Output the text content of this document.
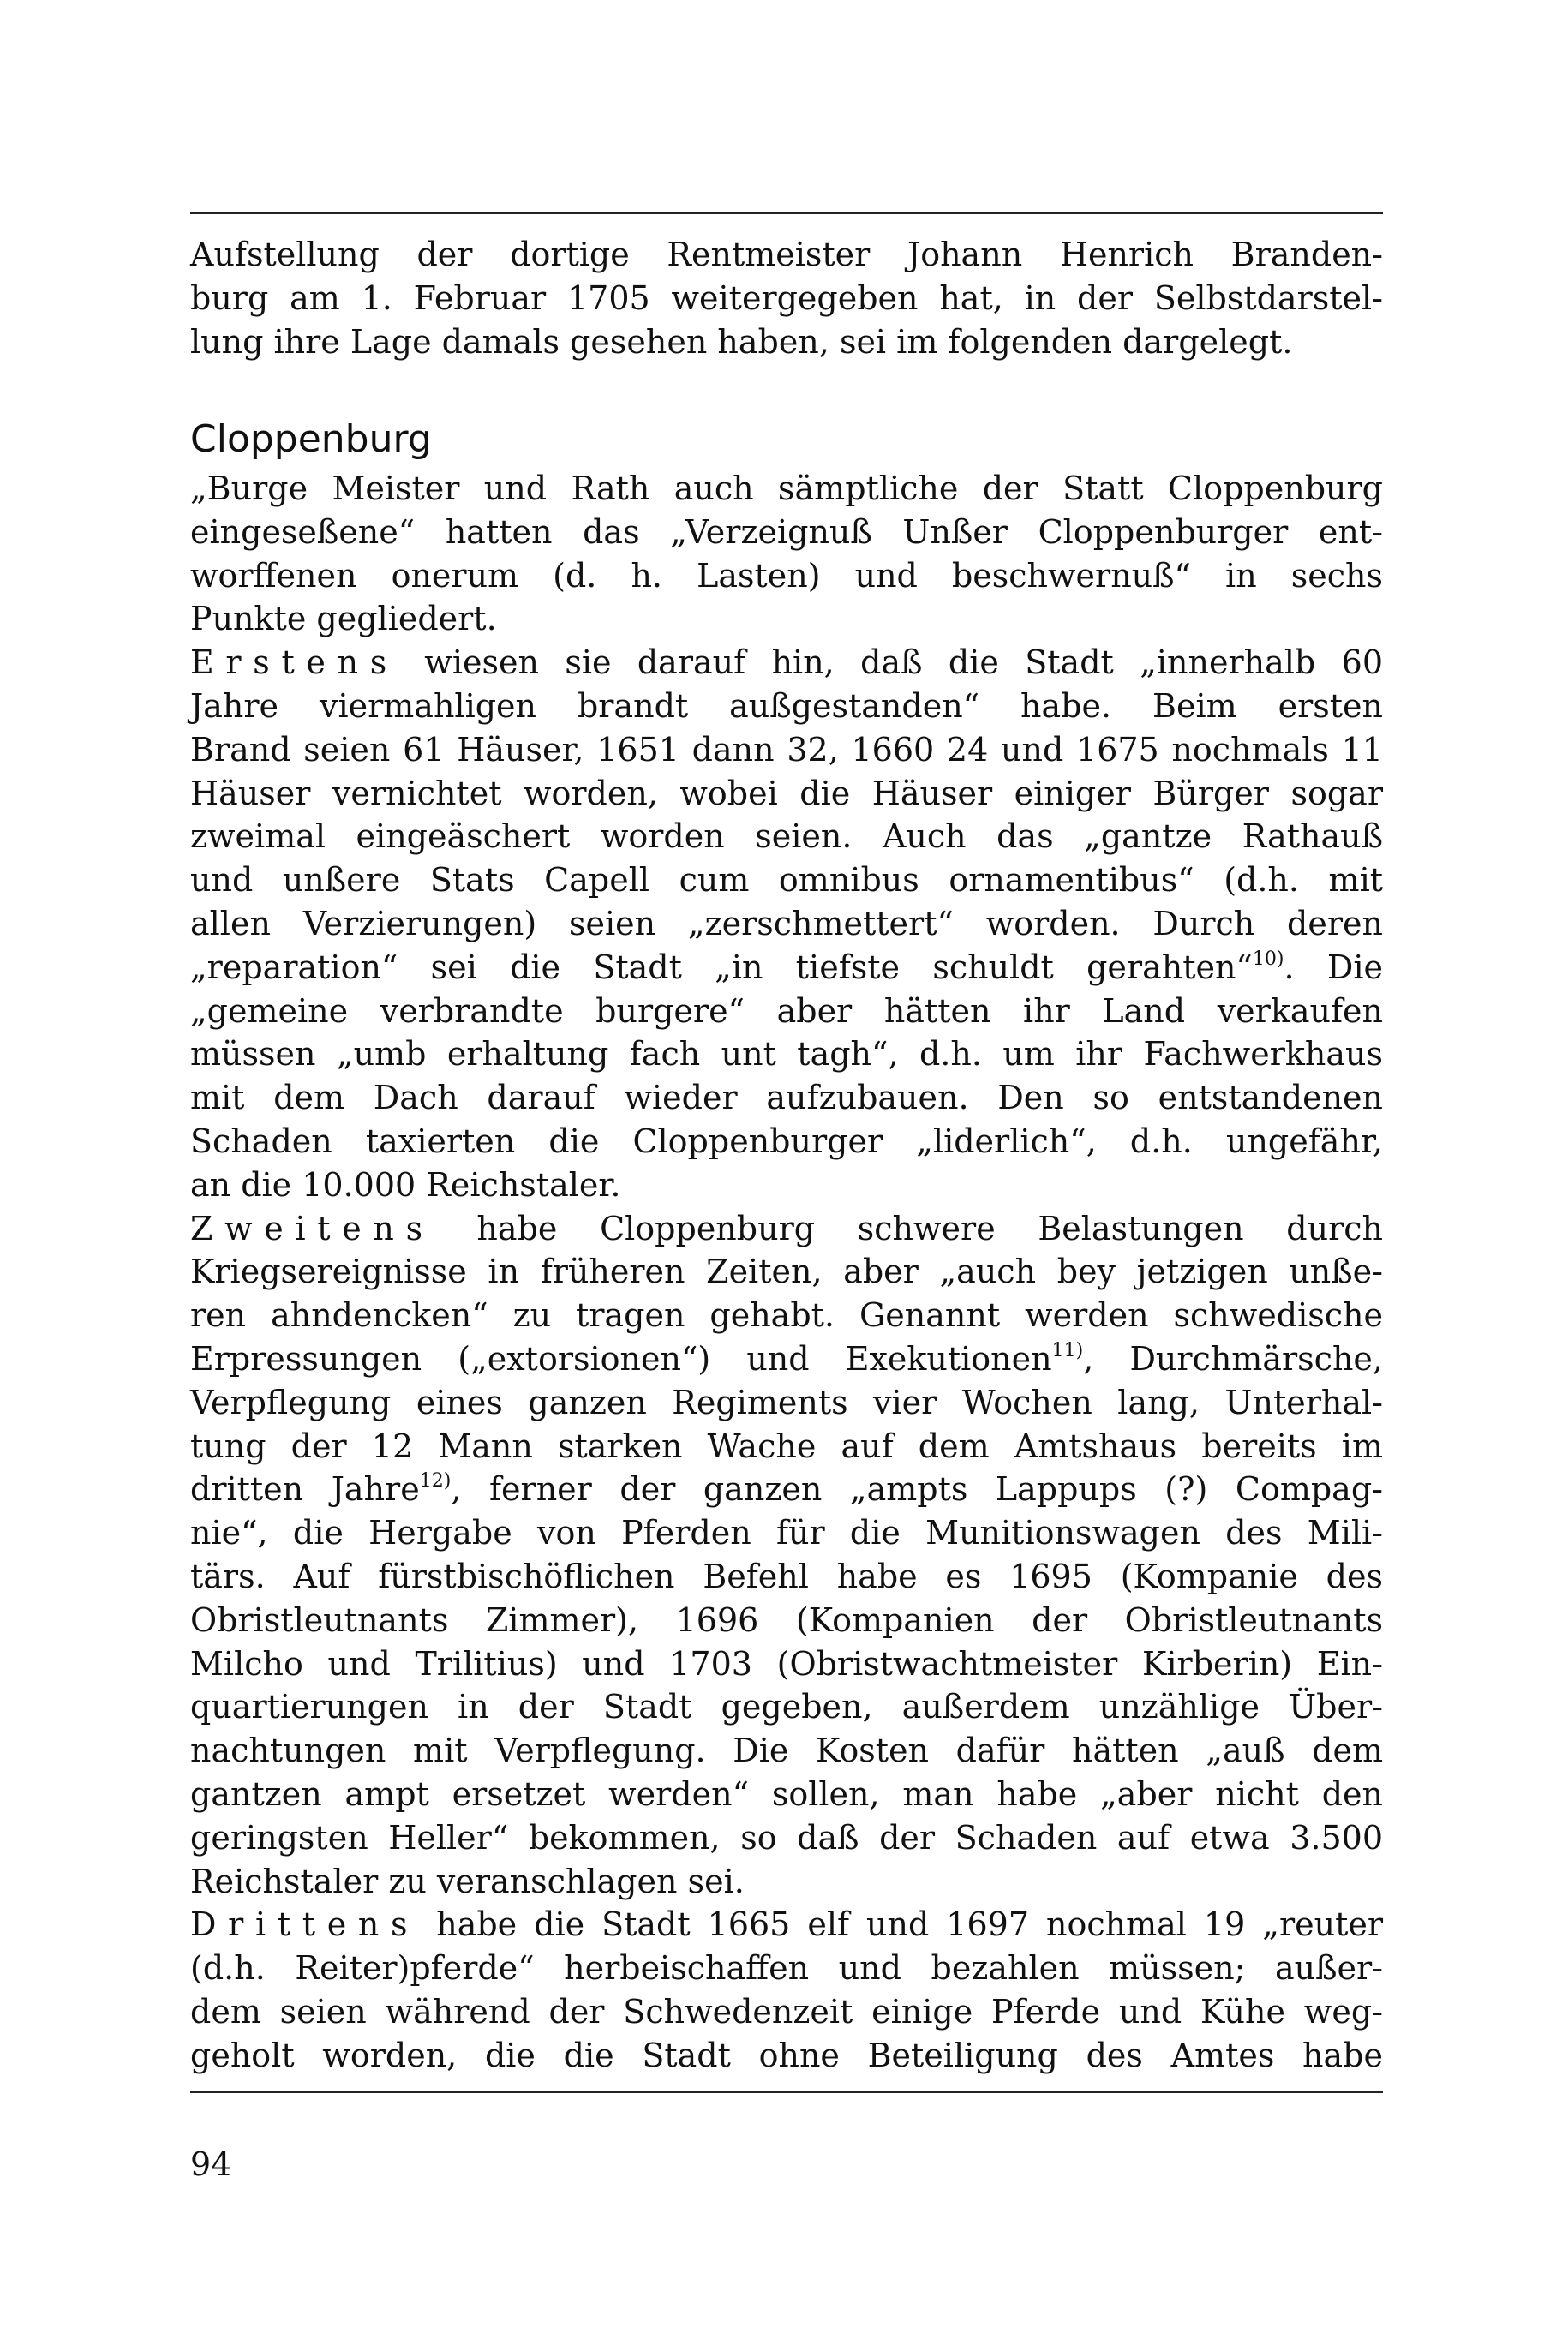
Aufstellung der dortige Rentmeister Johann Henrich Branden-
burg am 1. Februar 1705 weitergegeben hat, in der Selbstdarstel-
lung ihre Lage damals gesehen haben, sei im folgenden dargelegt.
Cloppenburg
„Burge Meister und Rath auch sämptliche der Statt Cloppenburg
eingeseßene“ hatten das „Verzeignuß Unßer Cloppenburger ent-
worffenen onerum (d. h. Lasten) und beschwernuß“ in sechs
Punkte gegliedert.
Erstens wiesen sie darauf hin, daß die Stadt „innerhalb 60
Jahre viermahligen brandt außgestanden“ habe. Beim ersten
Brand seien 61 Häuser, 1651 dann 32, 1660 24 und 1675 nochmals 11
Häuser vernichtet worden, wobei die Häuser einiger Bürger sogar
zweimal eingeäschert worden seien. Auch das „gantze Rathauß
und unßere Stats Capell cum omnibus ornamentibus“ (d.h. mit
allen Verzierungen) seien „zerschmettert“ worden. Durch deren
„reparation“ sei die Stadt „in tiefste schuldt gerahten“$^{10)}$. Die
„gemeine verbrandte burgere“ aber hätten ihr Land verkaufen
müssen „umb erhaltung fach unt tagh“, d.h. um ihr Fachwerkhaus
mit dem Dach darauf wieder aufzubauen. Den so entstandenen
Schaden taxierten die Cloppenburger „liderlich“, d.h. ungefähr,
an die 10.000 Reichstaler.
Zweitens habe Cloppenburg schwere Belastungen durch
Kriegsereignisse in früheren Zeiten, aber „auch bey jetzigen unße-
ren ahndencken“ zu tragen gehabt. Genannt werden schwedische
Erpressungen („extorsionen“) und Exekutionen$^{11)}$, Durchmärsche,
Verpflegung eines ganzen Regiments vier Wochen lang, Unterhal-
tung der 12 Mann starken Wache auf dem Amtshaus bereits im
dritten Jahre$^{12)}$, ferner der ganzen „ampts Lappups (?) Compag-
nie“, die Hergabe von Pferden für die Munitionswagen des Mili-
tärs. Auf fürstbischöflichen Befehl habe es 1695 (Kompanie des
Obristleutnants Zimmer), 1696 (Kompanien der Obristleutnants
Milcho und Trilitius) und 1703 (Obristwachtmeister Kirberin) Ein-
quartierungen in der Stadt gegeben, außerdem unzählige Über-
nachtungen mit Verpflegung. Die Kosten dafür hätten „auß dem
gantzen ampt ersetzet werden“ sollen, man habe „aber nicht den
geringsten Heller“ bekommen, so daß der Schaden auf etwa 3.500
Reichstaler zu veranschlagen sei.
Drittens habe die Stadt 1665 elf und 1697 nochmal 19 „reuter
(d.h. Reiter)pferde“ herbeischaffen und bezahlen müssen; außer-
dem seien während der Schwedenzeit einige Pferde und Kühe weg-
geholt worden, die die Stadt ohne Beteiligung des Amtes habe
94
